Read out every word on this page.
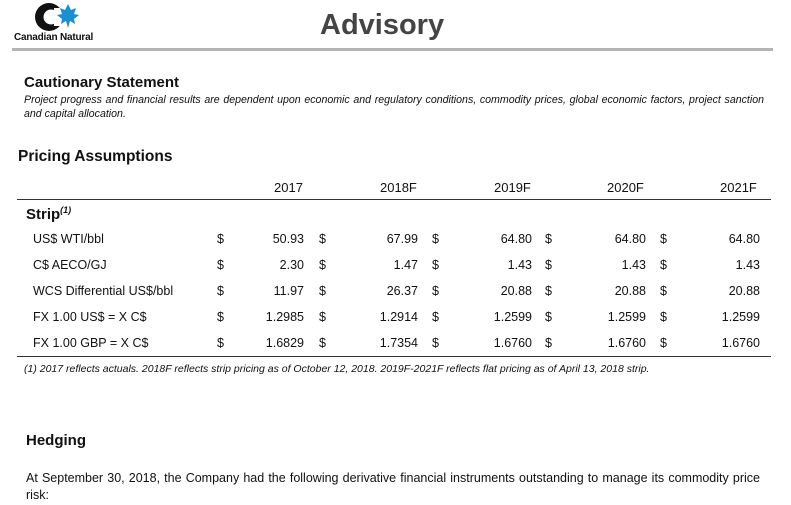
Canadian Natural	Advisory
Cautionary Statement
Project progress and financial results are dependent upon economic and regulatory conditions, commodity prices, global economic factors, project sanction and capital allocation.
Pricing Assumptions
2017	2018F	2019F	2020F	2021F
Strip$^{(1)}$
US$ WTI/bbl	$	50.93 $	67.99 $	64.80 $	64.80 $	64.80
C$ AECO/GJ	$	2.30 $	1.47 $	1.43 $	1.43 $	1.43
WCS Differential US$/bbl	$	11.97 $	26.37 $	20.88 $	20.88 $	20.88
FX 1.00 US$ = X C$	$	1.2985 $	1.2914 $	1.2599 $	1.2599 $	1.2599
FX 1.00 GBP = X C$	$	1.6829 $	1.7354 $	1.6760 $	1.6760 $	1.6760
(1) 2017 reflects actuals. 2018F reflects strip pricing as of October 12, 2018. 2019F-2021F reflects flat pricing as of April 13, 2018 strip.
Hedging
At September 30, 2018, the Company had the following derivative financial instruments outstanding to manage its commodity price risk:
